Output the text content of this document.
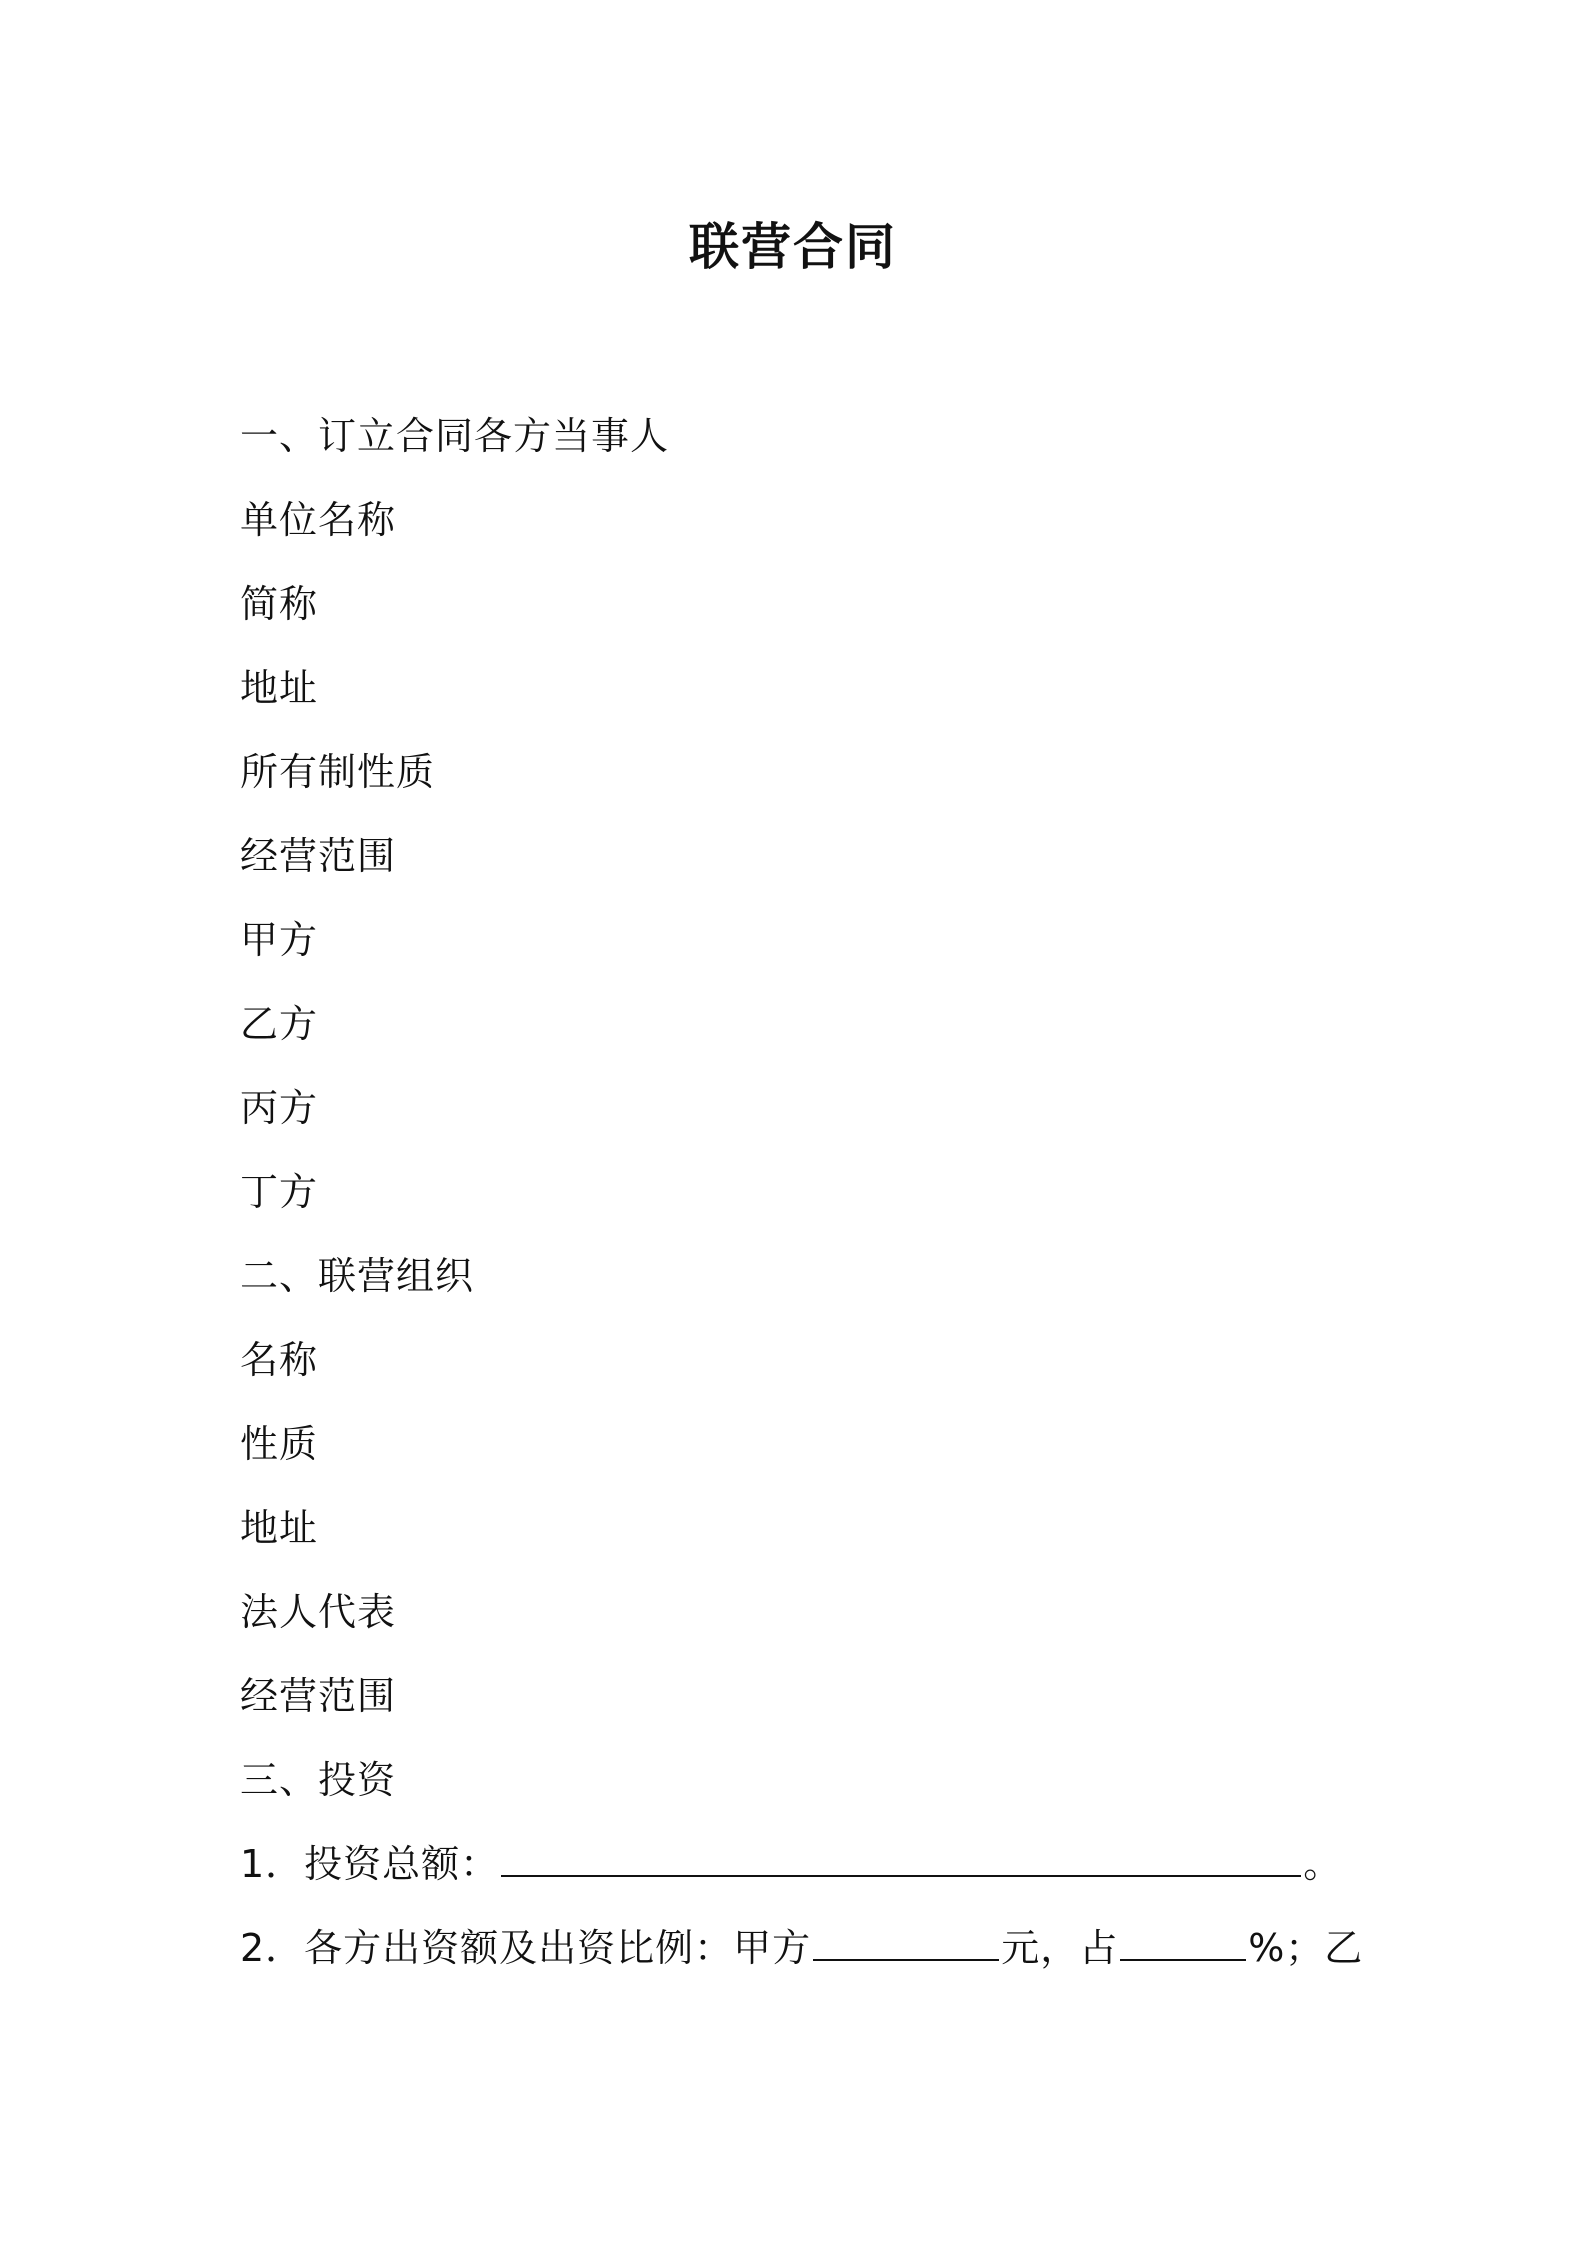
联营合同
一、订立合同各方当事人
单位名称
简称
地址
所有制性质
经营范围
甲方
乙方
丙方
丁方
二、联营组织
名称
性质
地址
法人代表
经营范围
三、投资
1．投资总额：	。
2．各方出资额及出资比例：甲方	元，占	%；乙
